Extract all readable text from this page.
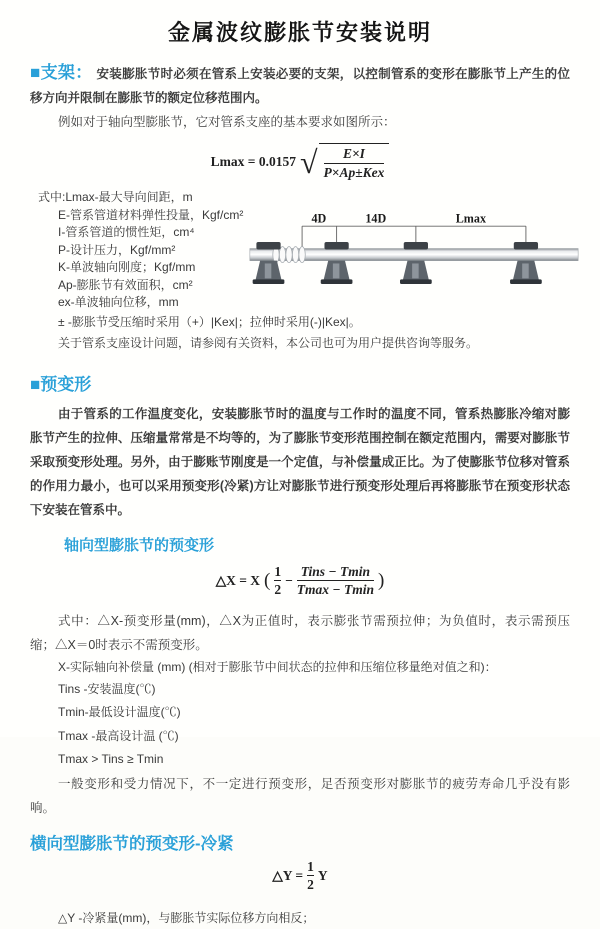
金属波纹膨胀节安装说明

■支架： 安装膨胀节时必须在管系上安装必要的支架，以控制管系的变形在膨胀节上产生的位移方向并限制在膨胀节的额定位移范围内。

例如对于轴向型膨胀节，它对管系支座的基本要求如图所示：

Lmax = 0.0157 √ $\frac{E\times I}{\text{P×Ap±Kex}}$
式中:Lmax-最大导向间距，m
E-管系管道材料弹性投量，Kgf/cm²
I-管系管道的惯性矩，cm⁴
P-设计压力，Kgf/mm²
K-单波轴向刚度；Kgf/mm
Ap-膨胀节有效面积，cm²
ex-单波轴向位移，mm
4D	14D	Lmax

± -膨胀节受压缩时采用（+）|Kex|；拉伸时采用(-)|Kex|。

关于管系支座设计问题，请参阅有关资料，本公司也可为用户提供咨询等服务。

■预变形

由于管系的工作温度变化，安装膨胀节时的温度与工作时的温度不同，管系热膨胀冷缩对膨胀节产生的拉伸、压缩量常常是不均等的，为了膨胀节变形范围控制在额定范围内，需要对膨胀节采取预变形处理。另外，由于膨账节刚度是一个定值，与补偿量成正比。为了使膨胀节位移对管系的作用力最小，也可以采用预变形(冷紧)方让对膨胀节进行预变形处理后再将膨胀节在预变形状态下安装在管系中。

轴向型膨胀节的预变形
△X = X ( $\frac{1}{2} - \frac{\text{Tins − Tmin}}{Tmax - Tmin}$ )

式中：△X-预变形量(mm)，△X为正值时，表示膨张节需预拉伸；为负值时，表示需预压缩；△X＝0时表示不需预变形。

X-实际轴向补偿量 (mm) (相对于膨胀节中间状态的拉伸和压缩位移量绝对值之和)：

Tins -安装温度(℃)
Tmin-最低设计温度(℃)
Tmax -最高设计温 (℃)
Tmax > Tins ≥ Tmin

一般变形和受力情况下，不一定进行预变形，足否预变形对膨胀节的疲劳寿命几乎没有影响。

横向型膨胀节的预变形-冷紧
△Y = $\frac{1}{2}$ Y

△Y -冷紧量(mm)，与膨胀节实际位移方向相反；
